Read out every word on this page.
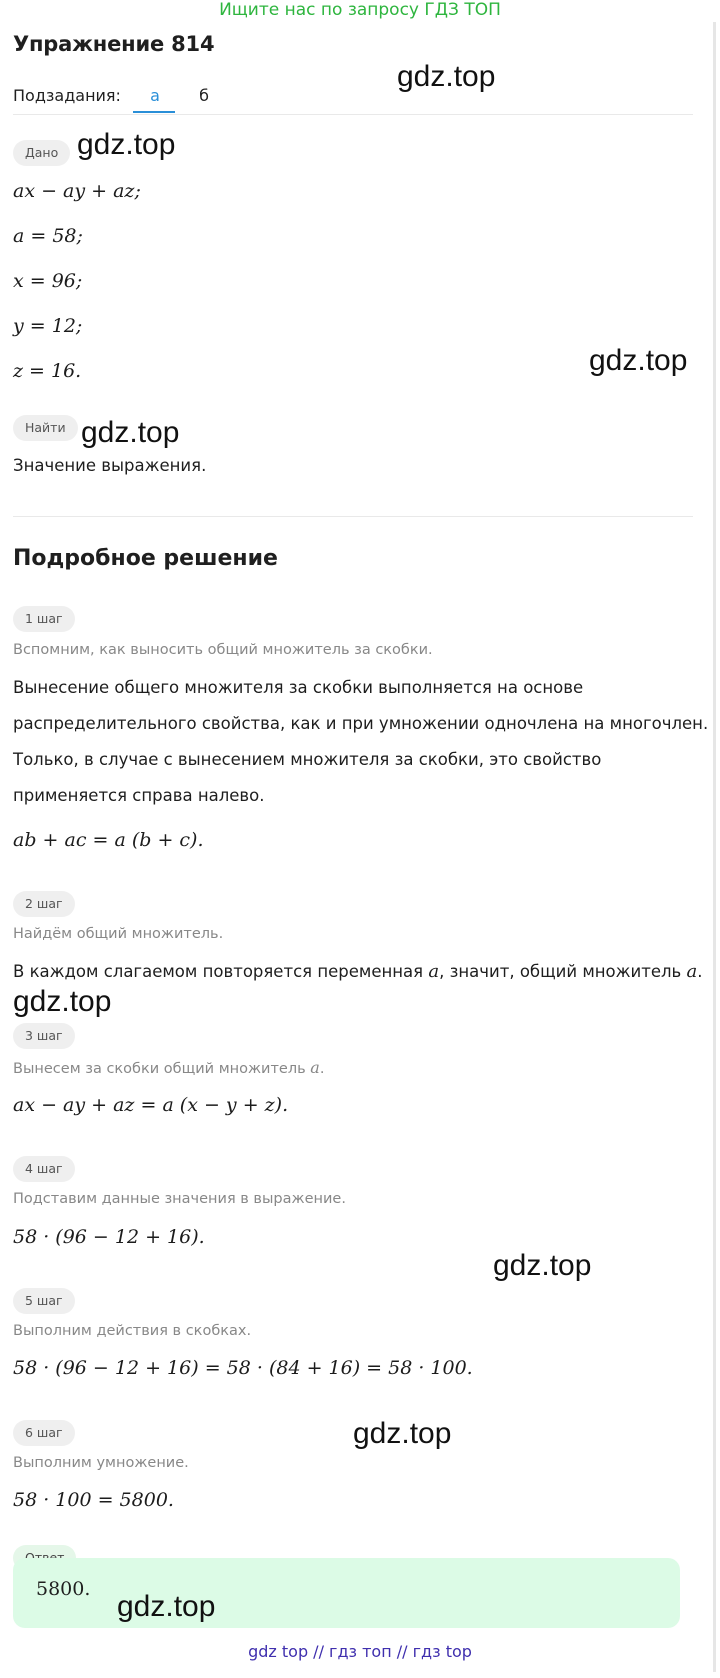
Ищите нас по запросу ГДЗ ТОП
Упражнение 814
Подзадания:	а	б
Дано
ax − ay + az;
a = 58;
x = 96;
y = 12;
z = 16.
Найти
Значение выражения.
Подробное решение
1 шаг
Вспомним, как выносить общий множитель за скобки.
Вынесение общего множителя за скобки выполняется на основе
распределительного свойства, как и при умножении одночлена на многочлен.
Только, в случае с вынесением множителя за скобки, это свойство
применяется справа налево.
ab + ac = a (b + c).
2 шаг
Найдём общий множитель.
В каждом слагаемом повторяется переменная a, значит, общий множитель a.
3 шаг
Вынесем за скобки общий множитель a.
ax − ay + az = a (x − y + z).
4 шаг
Подставим данные значения в выражение.
58 · (96 − 12 + 16).
5 шаг
Выполним действия в скобках.
58 · (96 − 12 + 16) = 58 · (84 + 16) = 58 · 100.
6 шаг
Выполним умножение.
58 · 100 = 5800.
5800.
gdz.top
gdz.top
gdz.top
gdz.top
gdz.top
gdz.top
gdz.top
gdz.top
gdz top // гдз топ // гдз top
